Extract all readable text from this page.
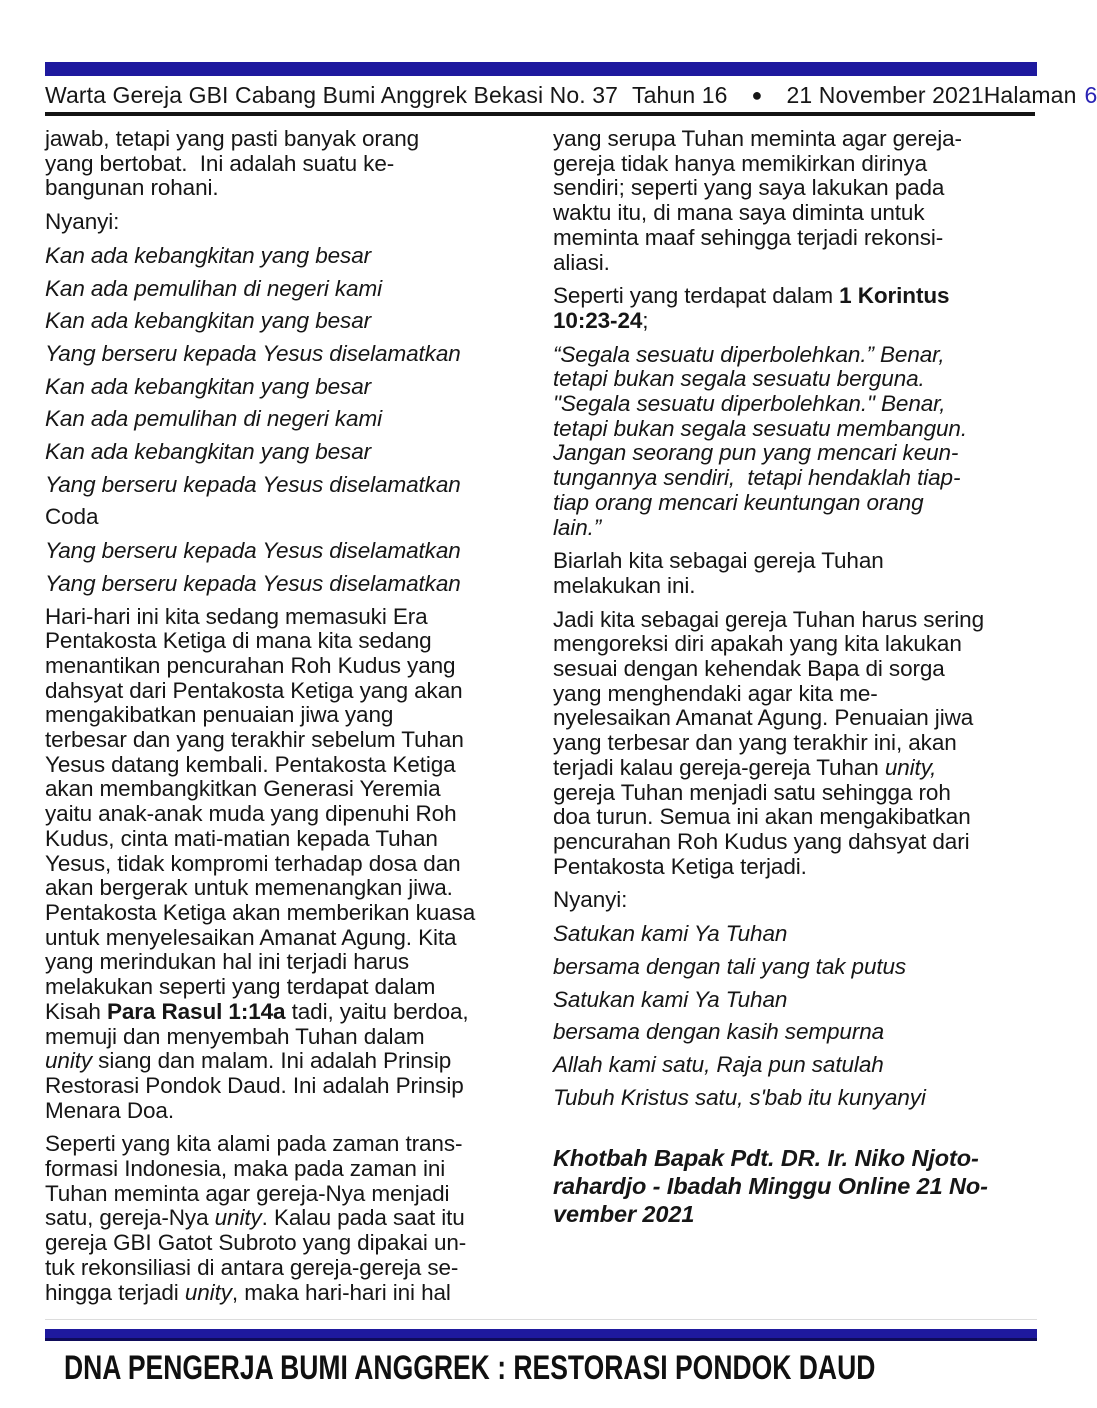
Warta Gereja GBI Cabang Bumi Anggrek Bekasi No. 37 Tahun 16	●	21 November 2021 Halaman 6
jawab, tetapi yang pasti banyak orang
yang bertobat.  Ini adalah suatu ke-
bangunan rohani.
Nyanyi:
Kan ada kebangkitan yang besar
Kan ada pemulihan di negeri kami
Kan ada kebangkitan yang besar
Yang berseru kepada Yesus diselamatkan
Kan ada kebangkitan yang besar
Kan ada pemulihan di negeri kami
Kan ada kebangkitan yang besar
Yang berseru kepada Yesus diselamatkan
Coda
Yang berseru kepada Yesus diselamatkan
Yang berseru kepada Yesus diselamatkan
Hari-hari ini kita sedang memasuki Era
Pentakosta Ketiga di mana kita sedang
menantikan pencurahan Roh Kudus yang
dahsyat dari Pentakosta Ketiga yang akan
mengakibatkan penuaian jiwa yang
terbesar dan yang terakhir sebelum Tuhan
Yesus datang kembali. Pentakosta Ketiga
akan membangkitkan Generasi Yeremia
yaitu anak-anak muda yang dipenuhi Roh
Kudus, cinta mati-matian kepada Tuhan
Yesus, tidak kompromi terhadap dosa dan
akan bergerak untuk memenangkan jiwa.
Pentakosta Ketiga akan memberikan kuasa
untuk menyelesaikan Amanat Agung. Kita
yang merindukan hal ini terjadi harus
melakukan seperti yang terdapat dalam
Kisah Para Rasul 1:14a tadi, yaitu berdoa,
memuji dan menyembah Tuhan dalam
unity siang dan malam. Ini adalah Prinsip
Restorasi Pondok Daud. Ini adalah Prinsip
Menara Doa.
Seperti yang kita alami pada zaman trans-
formasi Indonesia, maka pada zaman ini
Tuhan meminta agar gereja-Nya menjadi
satu, gereja-Nya unity. Kalau pada saat itu
gereja GBI Gatot Subroto yang dipakai un-
tuk rekonsiliasi di antara gereja-gereja se-
hingga terjadi unity, maka hari-hari ini hal
yang serupa Tuhan meminta agar gereja-
gereja tidak hanya memikirkan dirinya
sendiri; seperti yang saya lakukan pada
waktu itu, di mana saya diminta untuk
meminta maaf sehingga terjadi rekonsi-
aliasi.
Seperti yang terdapat dalam 1 Korintus
10:23-24;
“Segala sesuatu diperbolehkan.” Benar,
tetapi bukan segala sesuatu berguna.
"Segala sesuatu diperbolehkan." Benar,
tetapi bukan segala sesuatu membangun.
Jangan seorang pun yang mencari keun-
tungannya sendiri,  tetapi hendaklah tiap-
tiap orang mencari keuntungan orang
lain.”
Biarlah kita sebagai gereja Tuhan
melakukan ini.
Jadi kita sebagai gereja Tuhan harus sering
mengoreksi diri apakah yang kita lakukan
sesuai dengan kehendak Bapa di sorga
yang menghendaki agar kita me-
nyelesaikan Amanat Agung. Penuaian jiwa
yang terbesar dan yang terakhir ini, akan
terjadi kalau gereja-gereja Tuhan unity,
gereja Tuhan menjadi satu sehingga roh
doa turun. Semua ini akan mengakibatkan
pencurahan Roh Kudus yang dahsyat dari
Pentakosta Ketiga terjadi.
Nyanyi:
Satukan kami Ya Tuhan
bersama dengan tali yang tak putus
Satukan kami Ya Tuhan
bersama dengan kasih sempurna
Allah kami satu, Raja pun satulah
Tubuh Kristus satu, s'bab itu kunyanyi
Khotbah Bapak Pdt. DR. Ir. Niko Njoto-
rahardjo - Ibadah Minggu Online 21 No-
vember 2021
DNA PENGERJA BUMI ANGGREK : RESTORASI PONDOK DAUD
